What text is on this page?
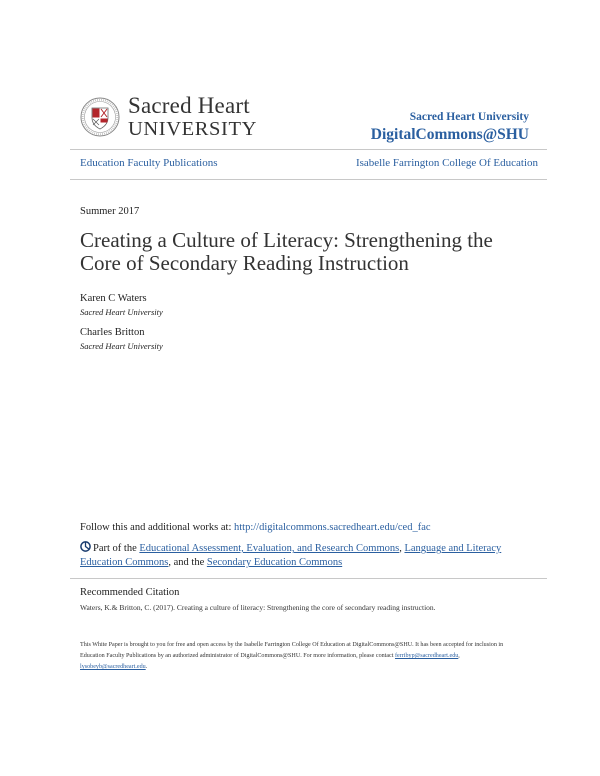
Sacred Heart
UNIVERSITY
Sacred Heart University
DigitalCommons@SHU
Education Faculty Publications	Isabelle Farrington College Of Education
Summer 2017
Creating a Culture of Literacy: Strengthening the Core of Secondary Reading Instruction
Karen C Waters
Sacred Heart University
Charles Britton
Sacred Heart University
Follow this and additional works at: http://digitalcommons.sacredheart.edu/ced_fac
Part of the Educational Assessment, Evaluation, and Research Commons, Language and Literacy Education Commons, and the Secondary Education Commons
Recommended Citation
Waters, K.& Britton, C. (2017). Creating a culture of literacy: Strengthening the core of secondary reading instruction.
This White Paper is brought to you for free and open access by the Isabelle Farrington College Of Education at DigitalCommons@SHU. It has been accepted for inclusion in Education Faculty Publications by an authorized administrator of DigitalCommons@SHU. For more information, please contact ferribyp@sacredheart.edu, lysobeyb@sacredheart.edu.
